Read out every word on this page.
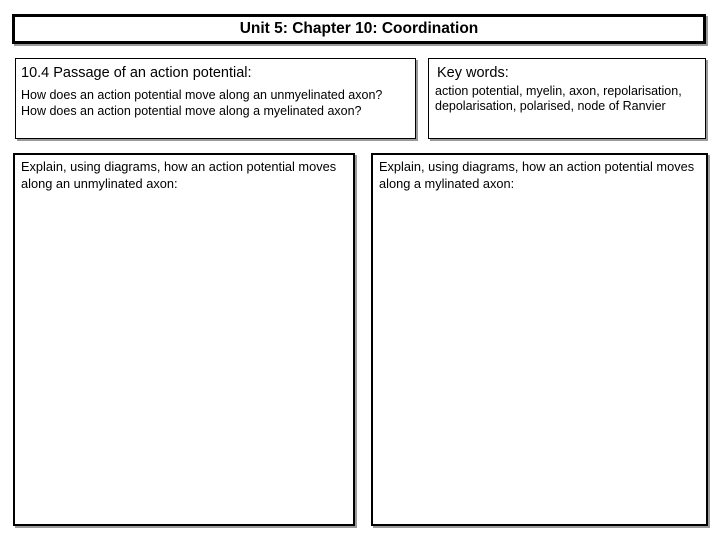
Unit 5: Chapter 10: Coordination
10.4 Passage of an action potential:
How does an action potential move along an unmyelinated axon?
How does an action potential move along a myelinated axon?
Key words:
action potential, myelin, axon, repolarisation, depolarisation, polarised, node of Ranvier
Explain, using diagrams, how an action potential moves along an unmylinated axon:
Explain, using diagrams, how an action potential moves along a mylinated axon:
